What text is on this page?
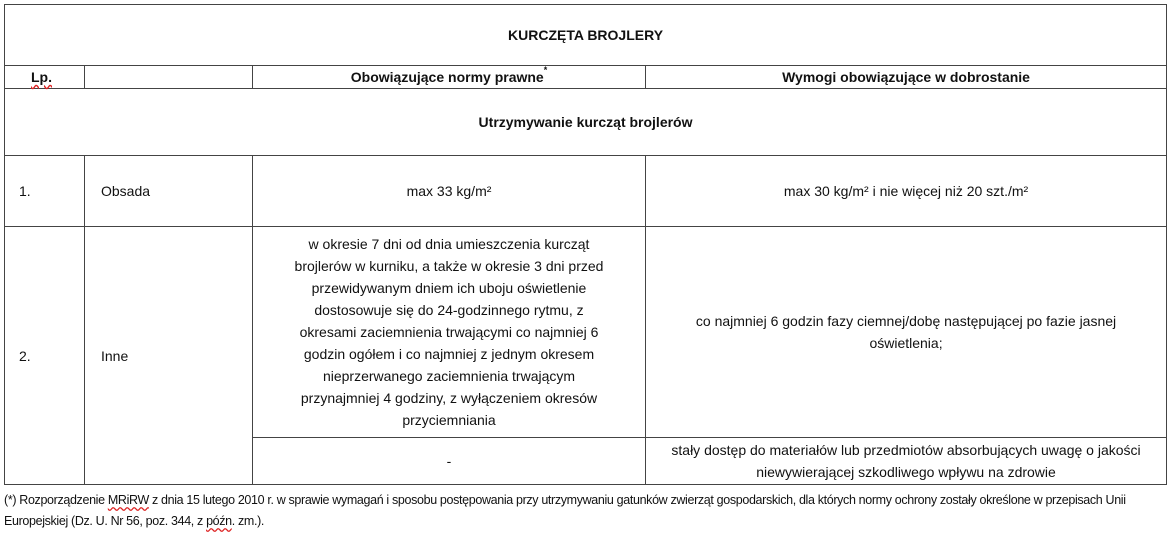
KURCZĘTA BROJLERY			
Lp.		Obowiązujące normy prawne*	Wymogi obowiązujące w dobrostanie
Utrzymywanie kurcząt brojlerów			
1.	Obsada	max 33 kg/m²	max 30 kg/m² i nie więcej niż 20 szt./m²
2.	Inne	w okresie 7 dni od dnia umieszczenia kurcząt brojlerów w kurniku, a także w okresie 3 dni przed przewidywanym dniem ich uboju oświetlenie dostosowuje się do 24-godzinnego rytmu, z okresami zaciemnienia trwającymi co najmniej 6 godzin ogółem i co najmniej z jednym okresem nieprzerwanego zaciemnienia trwającym przynajmniej 4 godziny, z wyłączeniem okresów przyciemniania	co najmniej 6 godzin fazy ciemnej/dobę następującej po fazie jasnej oświetlenia;
		-	stały dostęp do materiałów lub przedmiotów absorbujących uwagę o jakości niewywierającej szkodliwego wpływu na zdrowie
(*) Rozporządzenie MRiRW z dnia 15 lutego 2010 r. w sprawie wymagań i sposobu postępowania przy utrzymywaniu gatunków zwierząt gospodarskich, dla których normy ochrony zostały określone w przepisach Unii Europejskiej (Dz. U. Nr 56, poz. 344, z późn. zm.).
